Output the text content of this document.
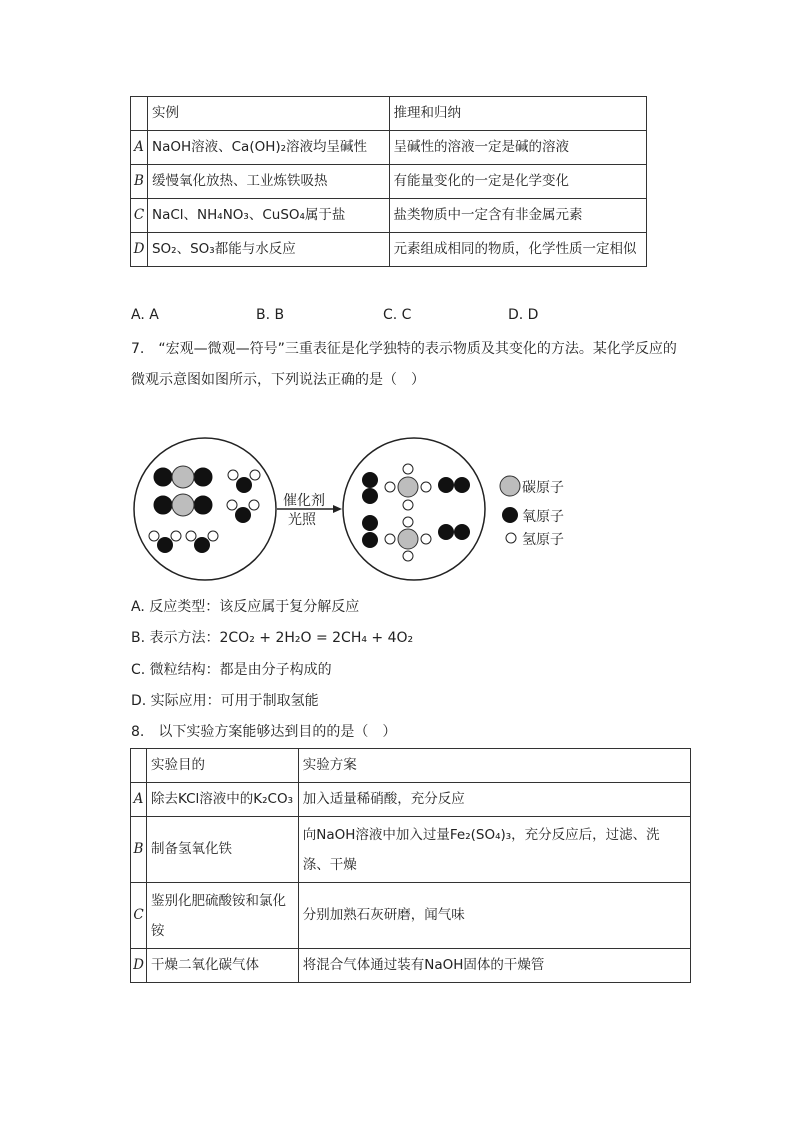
	实例	推理和归纳
A	NaOH溶液、Ca(OH)₂溶液均呈碱性	呈碱性的溶液一定是碱的溶液
B	缓慢氧化放热、工业炼铁吸热	有能量变化的一定是化学变化
C	NaCl、NH₄NO₃、CuSO₄属于盐	盐类物质中一定含有非金属元素
D	SO₂、SO₃都能与水反应	元素组成相同的物质，化学性质一定相似
A. A	B. B	C. C	D. D
7.　“宏观—微观—符号”三重表征是化学独特的表示物质及其变化的方法。某化学反应的
微观示意图如图所示，下列说法正确的是（　）
催化剂
光照
碳原子
氧原子
氢原子
A. 反应类型：该反应属于复分解反应
B. 表示方法：2CO₂ + 2H₂O = 2CH₄ + 4O₂
C. 微粒结构：都是由分子构成的
D. 实际应用：可用于制取氢能
8.　以下实验方案能够达到目的的是（　）
	实验目的	实验方案
A	除去KCl溶液中的K₂CO₃	加入适量稀硝酸，充分反应
B	制备氢氧化铁	向NaOH溶液中加入过量Fe₂(SO₄)₃，充分反应后，过滤、洗涤、干燥
C	鉴别化肥硫酸铵和氯化铵	分别加熟石灰研磨，闻气味
D	干燥二氧化碳气体	将混合气体通过装有NaOH固体的干燥管
